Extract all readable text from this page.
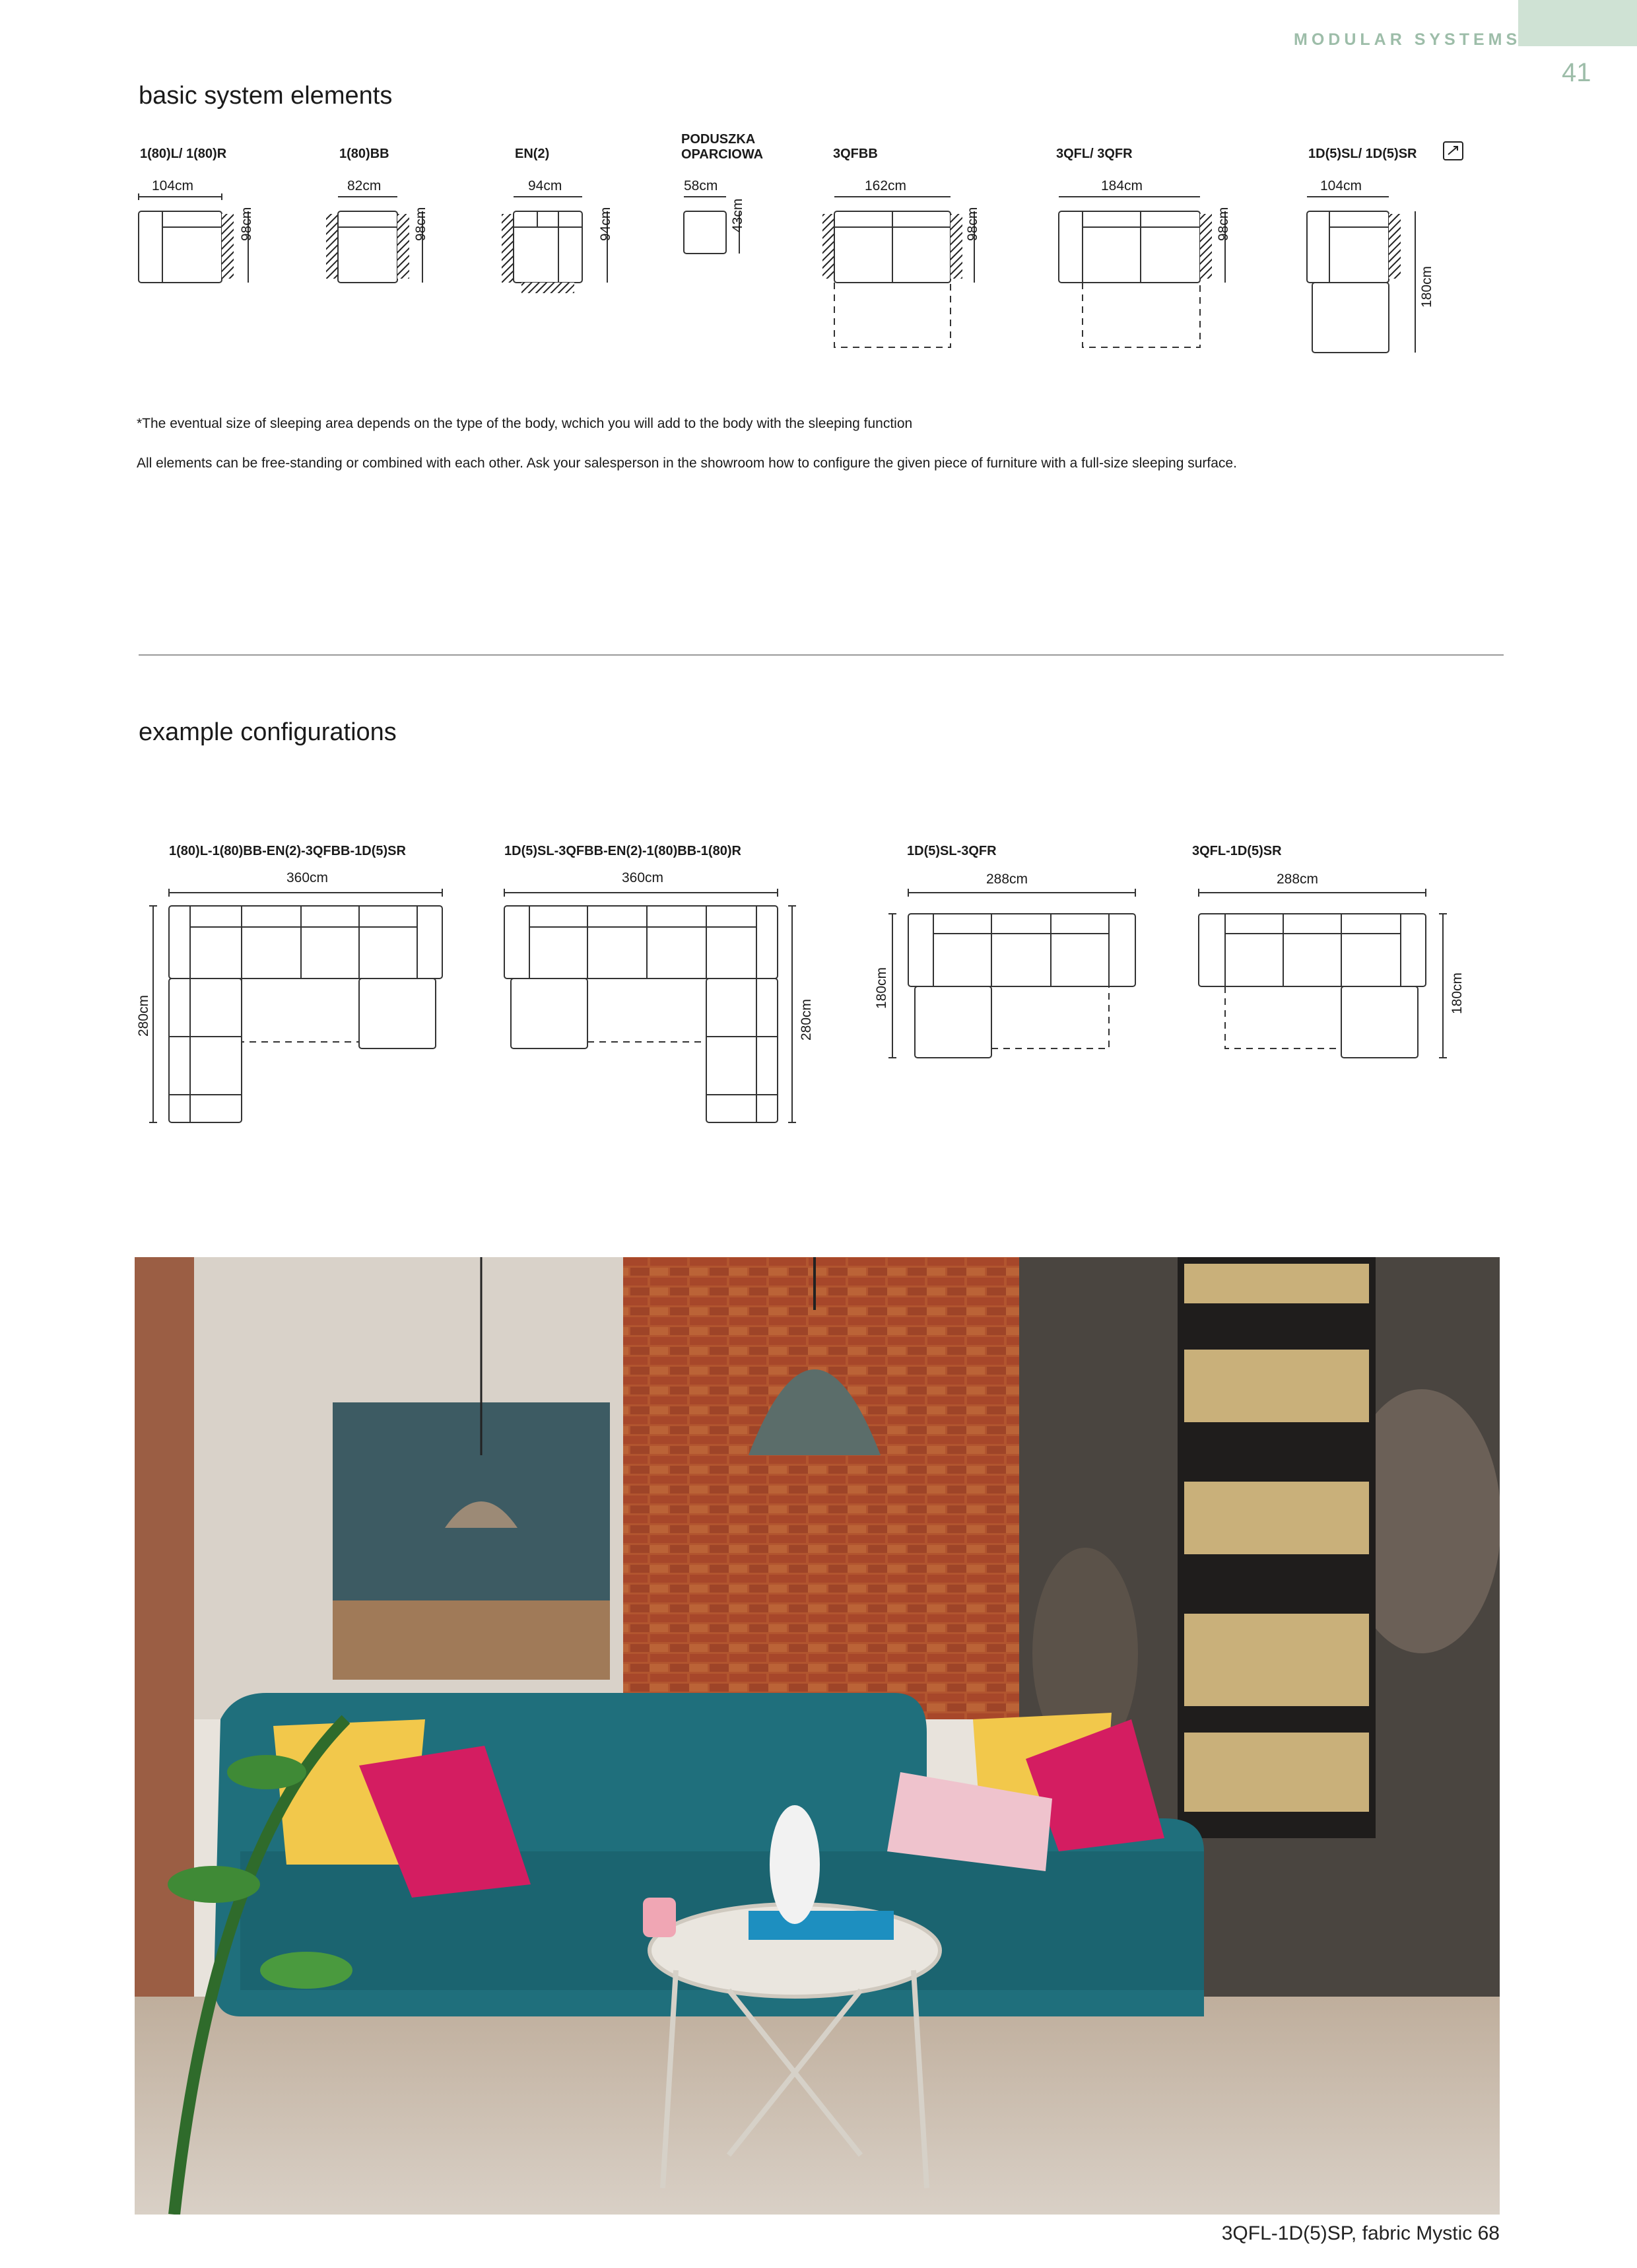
MODULAR SYSTEMS
41
basic system elements
1(80)L/ 1(80)R	1(80)BB	EN(2)
PODUSZKA
OPARCIOWA	3QFBB	3QFL/ 3QFR	1D(5)SL/ 1D(5)SR
104cm	82cm	94cm	58cm	162cm	184cm	104cm
98cm	98cm	94cm	43cm	98cm	98cm
180cm
*The eventual size of sleeping area depends on the type of the body, wchich you will add to the body with the sleeping function
All elements can be free-standing or combined with each other. Ask your salesperson in the showroom how to configure the given piece of furniture with a full-size sleeping surface.
example configurations
1(80)L-1(80)BB-EN(2)-3QFBB-1D(5)SR	1D(5)SL-3QFBB-EN(2)-1(80)BB-1(80)R	1D(5)SL-3QFR	3QFL-1D(5)SR
360cm	360cm	288cm	288cm
280cm	280cm
180cm	180cm
3QFL-1D(5)SP, fabric Mystic 68
